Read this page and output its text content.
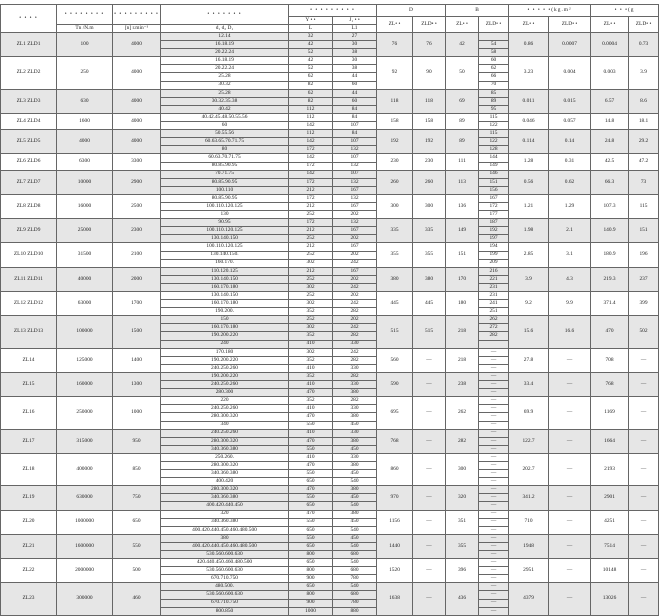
• • • •	• • • • • • • •	• • • • • • • • •	• • • • • • •	• • • • • • • • •		D		B		• • • • •(kg.m²		• • •(g	
				Y • •	J₁ • •	ZL• •	ZLD• •	ZL• •	ZLD• •	ZL• •	ZLD• •	ZL• •	ZLD• •
	Tn /N.m	[n] r.min⁻¹	d₁ d₂ D₁	L	L1								
ZL1 ZLD1	100	4000	12.14	32	27	76	76	42		0.86	0.0007	0.0004	0.73
			16.18.19	42	30				54				
			20.22.24	52	38				58				
ZL2 ZLD2	250	4000	16.18.19	42	30	92	90	50	60	3.23	0.004	0.003	3.9
			20.22.24	52	38				62				
			25.28	62	44				66				
			30.32	82	60				70				
ZL3 ZLD3	630	4000	25.28	62	44	118	118	69	85	0.011	0.015	6.57	8.6
			30.32.35.38	82	60				89				
			40.42	112	84				95				
ZL4 ZLD4	1600	4000	40.42.45.48.50.55.56	112	84	158	158	89	115	0.046	0.057	14.8	18.1
			60	142	107				122				
ZL5 ZLD5	4000	4000	50.55.56	112	84	192	192	89	115	0.114	0.14	24.8	29.2
			60.63.65.70.71.75	142	107				122				
			80	172	132				128				
ZL6 ZLD6	6300	3300	60.63.70.71.75	142	107	230	230	111	144	1.28	0.31	42.5	47.2
			80.85.90.95	172	132				149				
ZL7 ZLD7	10000	2900	70.71.75	142	107	260	260	113	146	0.56	0.62	66.3	73
			80.85.90.95	172	132				151				
			100.110	212	167				156				
ZL8 ZLD8	16000	2500	80.85.90.95	172	132	300	300	136	167	1.21	1.29	107.3	115
			100.110.120.125	212	167				172				
			130	252	202				177				
ZL9 ZLD9	25000	2300	90.95	172	132	335	335	149	187	1.98	2.1	140.9	151
			100.110.120.125	212	167				192				
			130.140.150	252	202				197				
ZL10 ZLD10	31500	2100	100.110.120.125	212	167	355	355	151	194	2.85	3.1	180.9	196
			130.140.150.	252	202				199				
			160.170.	302	242				209				
ZL11 ZLD11	40000	2000	110.120.125	212	167	380	380	170	216	3.9	4.3	219.3	237
			130.140.150	252	202				221				
			160.170.180	302	242				231				
ZL12 ZLD12	63000	1700	130.140.150	252	202	445	445	180	231	9.2	9.9	371.4	399
			160.170.180	302	242				241				
			190.200.	352	282				251				
ZL13 ZLD13	100000	1500	150	252	202	515	515	218	262	15.6	16.6	470	502
			160.170.180	302	242				272				
			190.200.220	352	282				282				
			240	410	330								
ZL14	125000	1400	170.180	302	242	560	—	218	—	27.8	—	708	—
			190.200.220	352	282				—				
			240.250.260	410	330				—				
ZL15	160000	1300	190.200.220	352	282	590	—	238	—	33.4	—	768	—
			240.250.260	410	330				—				
			280.300	470	380				—				
ZL16	250000	1000	220	352	282	695	—	262	—	69.9	—	1169	—
			240.250.260	410	330				—				
			280.300.320	470	380				—				
			340	550	450				—				
ZL17	315000	950	240.250.260	410	330	768	—	282	—	122.7	—	1664	—
			280.300.320	470	380				—				
			340.360.380	550	450				—				
ZL18	400000	850	250.260.	410	330	860	—	300	—	202.7	—	2193	—
			280.300.320	470	380				—				
			340.360.380	550	450				—				
			400.420	650	540				—				
ZL19	630000	750	280.300.320	470	380	970	—	320	—	341.2	—	2901	—
			340.360.380	550	450				—				
			400.420.440.450	650	540				—				
ZL20	1000000	650	320	470	380	1156	—	351	—	710	—	4251	—
			340.360.380	550	450				—				
			400.420.440.450.460.480.500	650	540				—				
ZL21	1600000	550	380	550	450	1440	—	355	—	1948	—	7514	—
			400.420.440.450.460.480.500	650	540				—				
			530.560.600.630	800	680				—				
ZL22	2000000	500	420.440.450.460.480.500	650	540	1520	—	396	—	2951	—	10148	—
			530.560.600.630	800	680				—				
			670.710.750	900	780				—				
ZL23	300000	460	480.500.	650	540	1638	—	436	—	4379	—	13026	—
			530.560.600.630	800	680				—				
			670.710.750	900	780				—				
			800.850	1000	880				—				
